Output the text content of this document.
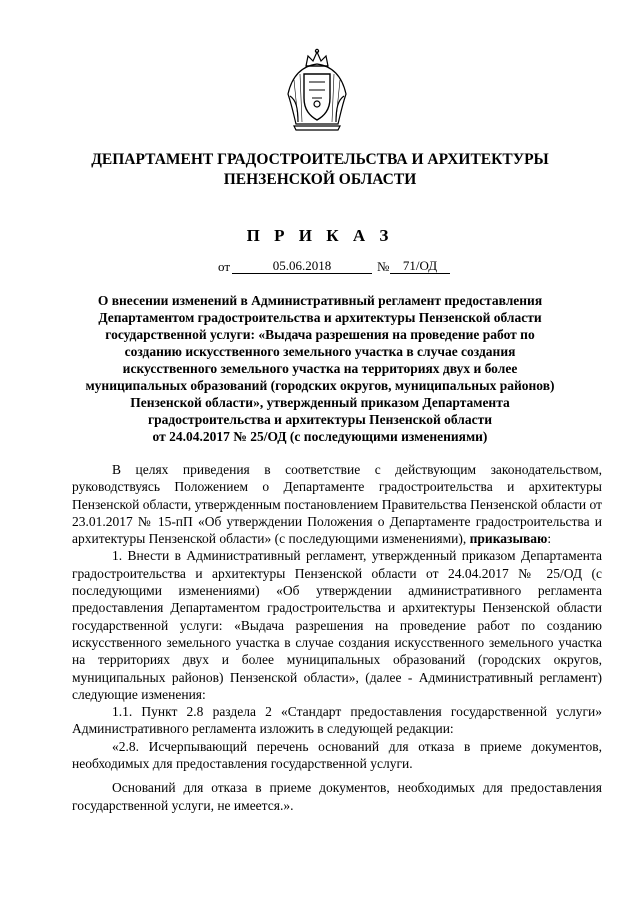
ДЕПАРТАМЕНТ ГРАДОСТРОИТЕЛЬСТВА И АРХИТЕКТУРЫ
ПЕНЗЕНСКОЙ ОБЛАСТИ
П Р И К А З
от	05.06.2018	№	71/ОД
О внесении изменений в Административный регламент предоставления
Департаментом градостроительства и архитектуры Пензенской области
государственной услуги: «Выдача разрешения на проведение работ по
созданию искусственного земельного участка в случае создания
искусственного земельного участка на территориях двух и более
муниципальных образований (городских округов, муниципальных районов)
Пензенской области», утвержденный приказом Департамента
градостроительства и архитектуры Пензенской области
от 24.04.2017 № 25/ОД (с последующими изменениями)

В целях приведения в соответствие с действующим законодательством, руководствуясь Положением о Департаменте градостроительства и архитектуры Пензенской области, утвержденным постановлением Правительства Пензенской области от 23.01.2017 № 15-пП «Об утверждении Положения о Департаменте градостроительства и архитектуры Пензенской области» (с последующими изменениями), приказываю:

1. Внести в Административный регламент, утвержденный приказом Департамента градостроительства и архитектуры Пензенской области от 24.04.2017 № 25/ОД (с последующими изменениями) «Об утверждении административного регламента предоставления Департаментом градостроительства и архитектуры Пензенской области государственной услуги: «Выдача разрешения на проведение работ по созданию искусственного земельного участка в случае создания искусственного земельного участка на территориях двух и более муниципальных образований (городских округов, муниципальных районов) Пензенской области», (далее - Административный регламент) следующие изменения:

1.1. Пункт 2.8 раздела 2 «Стандарт предоставления государственной услуги» Административного регламента изложить в следующей редакции:

«2.8. Исчерпывающий перечень оснований для отказа в приеме документов, необходимых для предоставления государственной услуги.

Оснований для отказа в приеме документов, необходимых для предоставления государственной услуги, не имеется.».
